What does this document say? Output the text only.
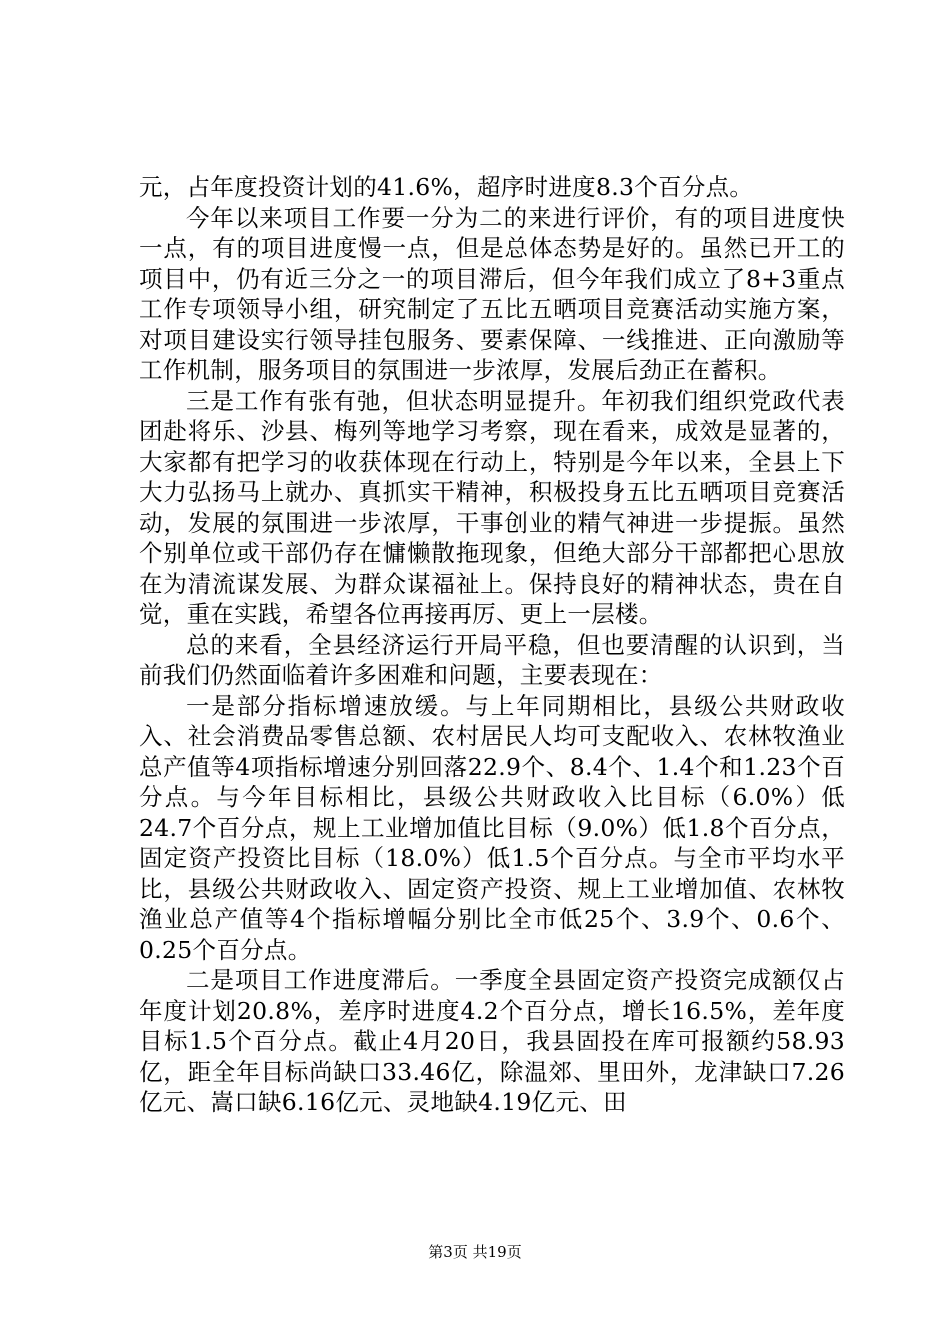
元，占年度投资计划的41.6%，超序时进度8.3个百分点。

今年以来项目工作要一分为二的来进行评价，有的项目进度快一点，有的项目进度慢一点，但是总体态势是好的。虽然已开工的项目中，仍有近三分之一的项目滞后，但今年我们成立了8+3重点工作专项领导小组，研究制定了五比五晒项目竞赛活动实施方案，对项目建设实行领导挂包服务、要素保障、一线推进、正向激励等工作机制，服务项目的氛围进一步浓厚，发展后劲正在蓄积。

三是工作有张有弛，但状态明显提升。年初我们组织党政代表团赴将乐、沙县、梅列等地学习考察，现在看来，成效是显著的，大家都有把学习的收获体现在行动上，特别是今年以来，全县上下大力弘扬马上就办、真抓实干精神，积极投身五比五晒项目竞赛活动，发展的氛围进一步浓厚，干事创业的精气神进一步提振。虽然个别单位或干部仍存在慵懒散拖现象，但绝大部分干部都把心思放在为清流谋发展、为群众谋福祉上。保持良好的精神状态，贵在自觉，重在实践，希望各位再接再厉、更上一层楼。

总的来看，全县经济运行开局平稳，但也要清醒的认识到，当前我们仍然面临着许多困难和问题，主要表现在：

一是部分指标增速放缓。与上年同期相比，县级公共财政收入、社会消费品零售总额、农村居民人均可支配收入、农林牧渔业总产值等4项指标增速分别回落22.9个、8.4个、1.4个和1.23个百分点。与今年目标相比，县级公共财政收入比目标（6.0%）低24.7个百分点，规上工业增加值比目标（9.0%）低1.8个百分点，固定资产投资比目标（18.0%）低1.5个百分点。与全市平均水平比，县级公共财政收入、固定资产投资、规上工业增加值、农林牧渔业总产值等4个指标增幅分别比全市低25个、3.9个、0.6个、0.25个百分点。

二是项目工作进度滞后。一季度全县固定资产投资完成额仅占年度计划20.8%，差序时进度4.2个百分点，增长16.5%，差年度目标1.5个百分点。截止4月20日，我县固投在库可报额约58.93亿，距全年目标尚缺口33.46亿，除温郊、里田外，龙津缺口7.26亿元、嵩口缺6.16亿元、灵地缺4.19亿元、田

第3页 共19页
